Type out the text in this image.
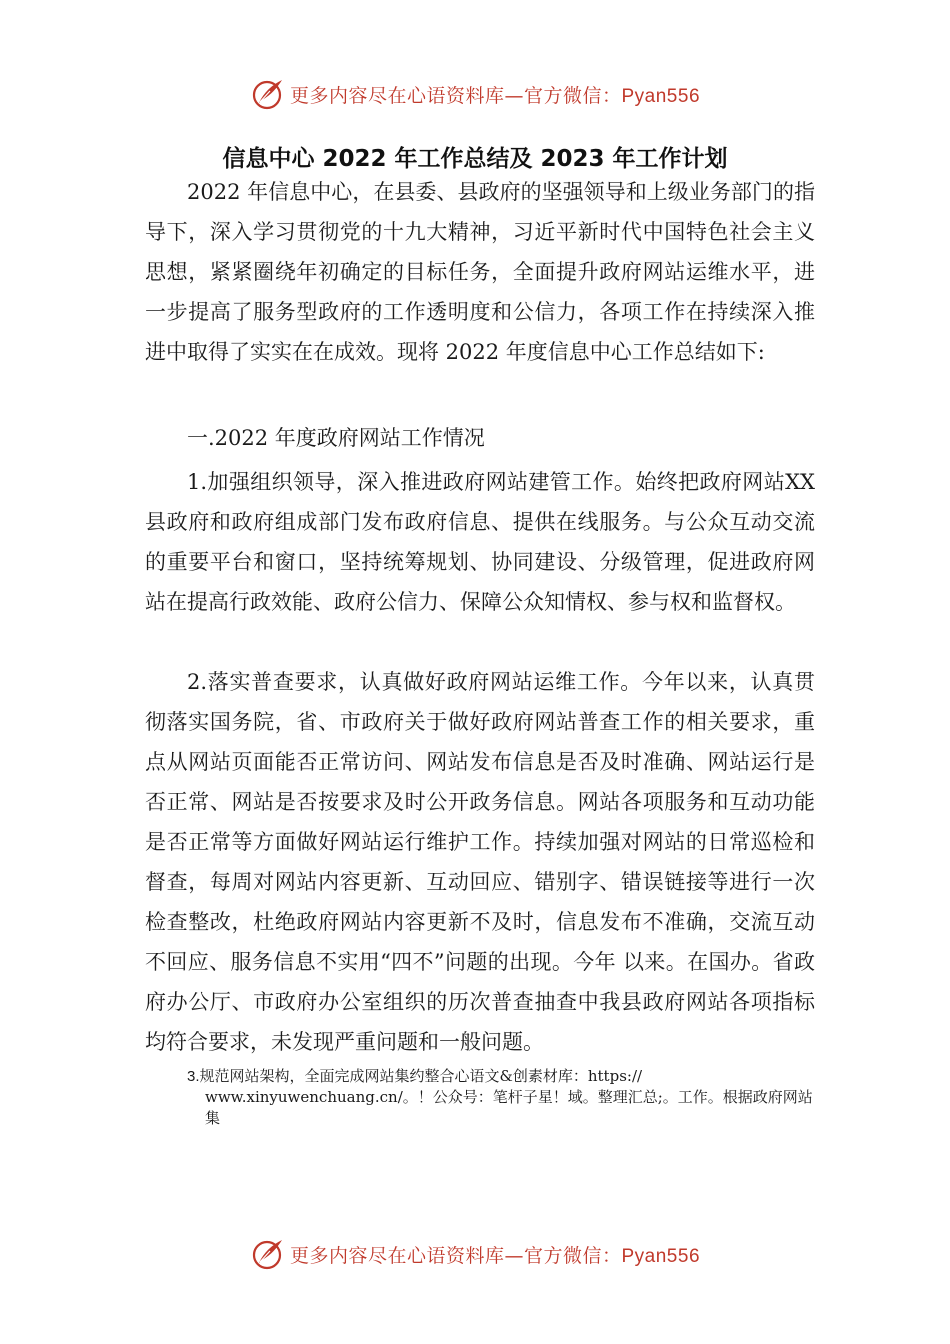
更多内容尽在心语资料库—官方微信：Pyan556
信息中心 2022 年工作总结及 2023 年工作计划

2022 年信息中心，在县委、县政府的坚强领导和上级业务部门的指导下，深入学习贯彻党的十九大精神，习近平新时代中国特色社会主义思想，紧紧圈绕年初确定的目标任务，全面提升政府网站运维水平，进一步提高了服务型政府的工作透明度和公信力，各项工作在持续深入推进中取得了实实在在成效。现将 2022 年度信息中心工作总结如下:

一.2022 年度政府网站工作情况

1.加强组织领导，深入推进政府网站建管工作。始终把政府网站XX 县政府和政府组成部门发布政府信息、提供在线服务。与公众互动交流的重要平台和窗口，坚持统筹规划、协同建设、分级管理，促进政府网站在提高行政效能、政府公信力、保障公众知情权、参与权和监督权。

2.落实普查要求，认真做好政府网站运维工作。今年以来，认真贯彻落实国务院，省、市政府关于做好政府网站普查工作的相关要求，重点从网站页面能否正常访问、网站发布信息是否及时准确、网站运行是否正常、网站是否按要求及时公开政务信息。网站各项服务和互动功能是否正常等方面做好网站运行维护工作。持续加强对网站的日常巡检和督查，每周对网站内容更新、互动回应、错别字、错误链接等进行一次检查整改，杜绝政府网站内容更新不及时，信息发布不准确，交流互动不回应、服务信息不实用“四不”问题的出现。今年 以来。在国办。省政府办公厅、市政府办公室组织的历次普查抽查中我县政府网站各项指标均符合要求，未发现严重问题和一般问题。

3.规范网站架构，全面完成网站集约整合心语文&创素材库：https://
www.xinyuwenchuang.cn/。！公众号：笔杆子星！域。整理汇总;。工作。根据政府网站集
更多内容尽在心语资料库—官方微信：Pyan556
